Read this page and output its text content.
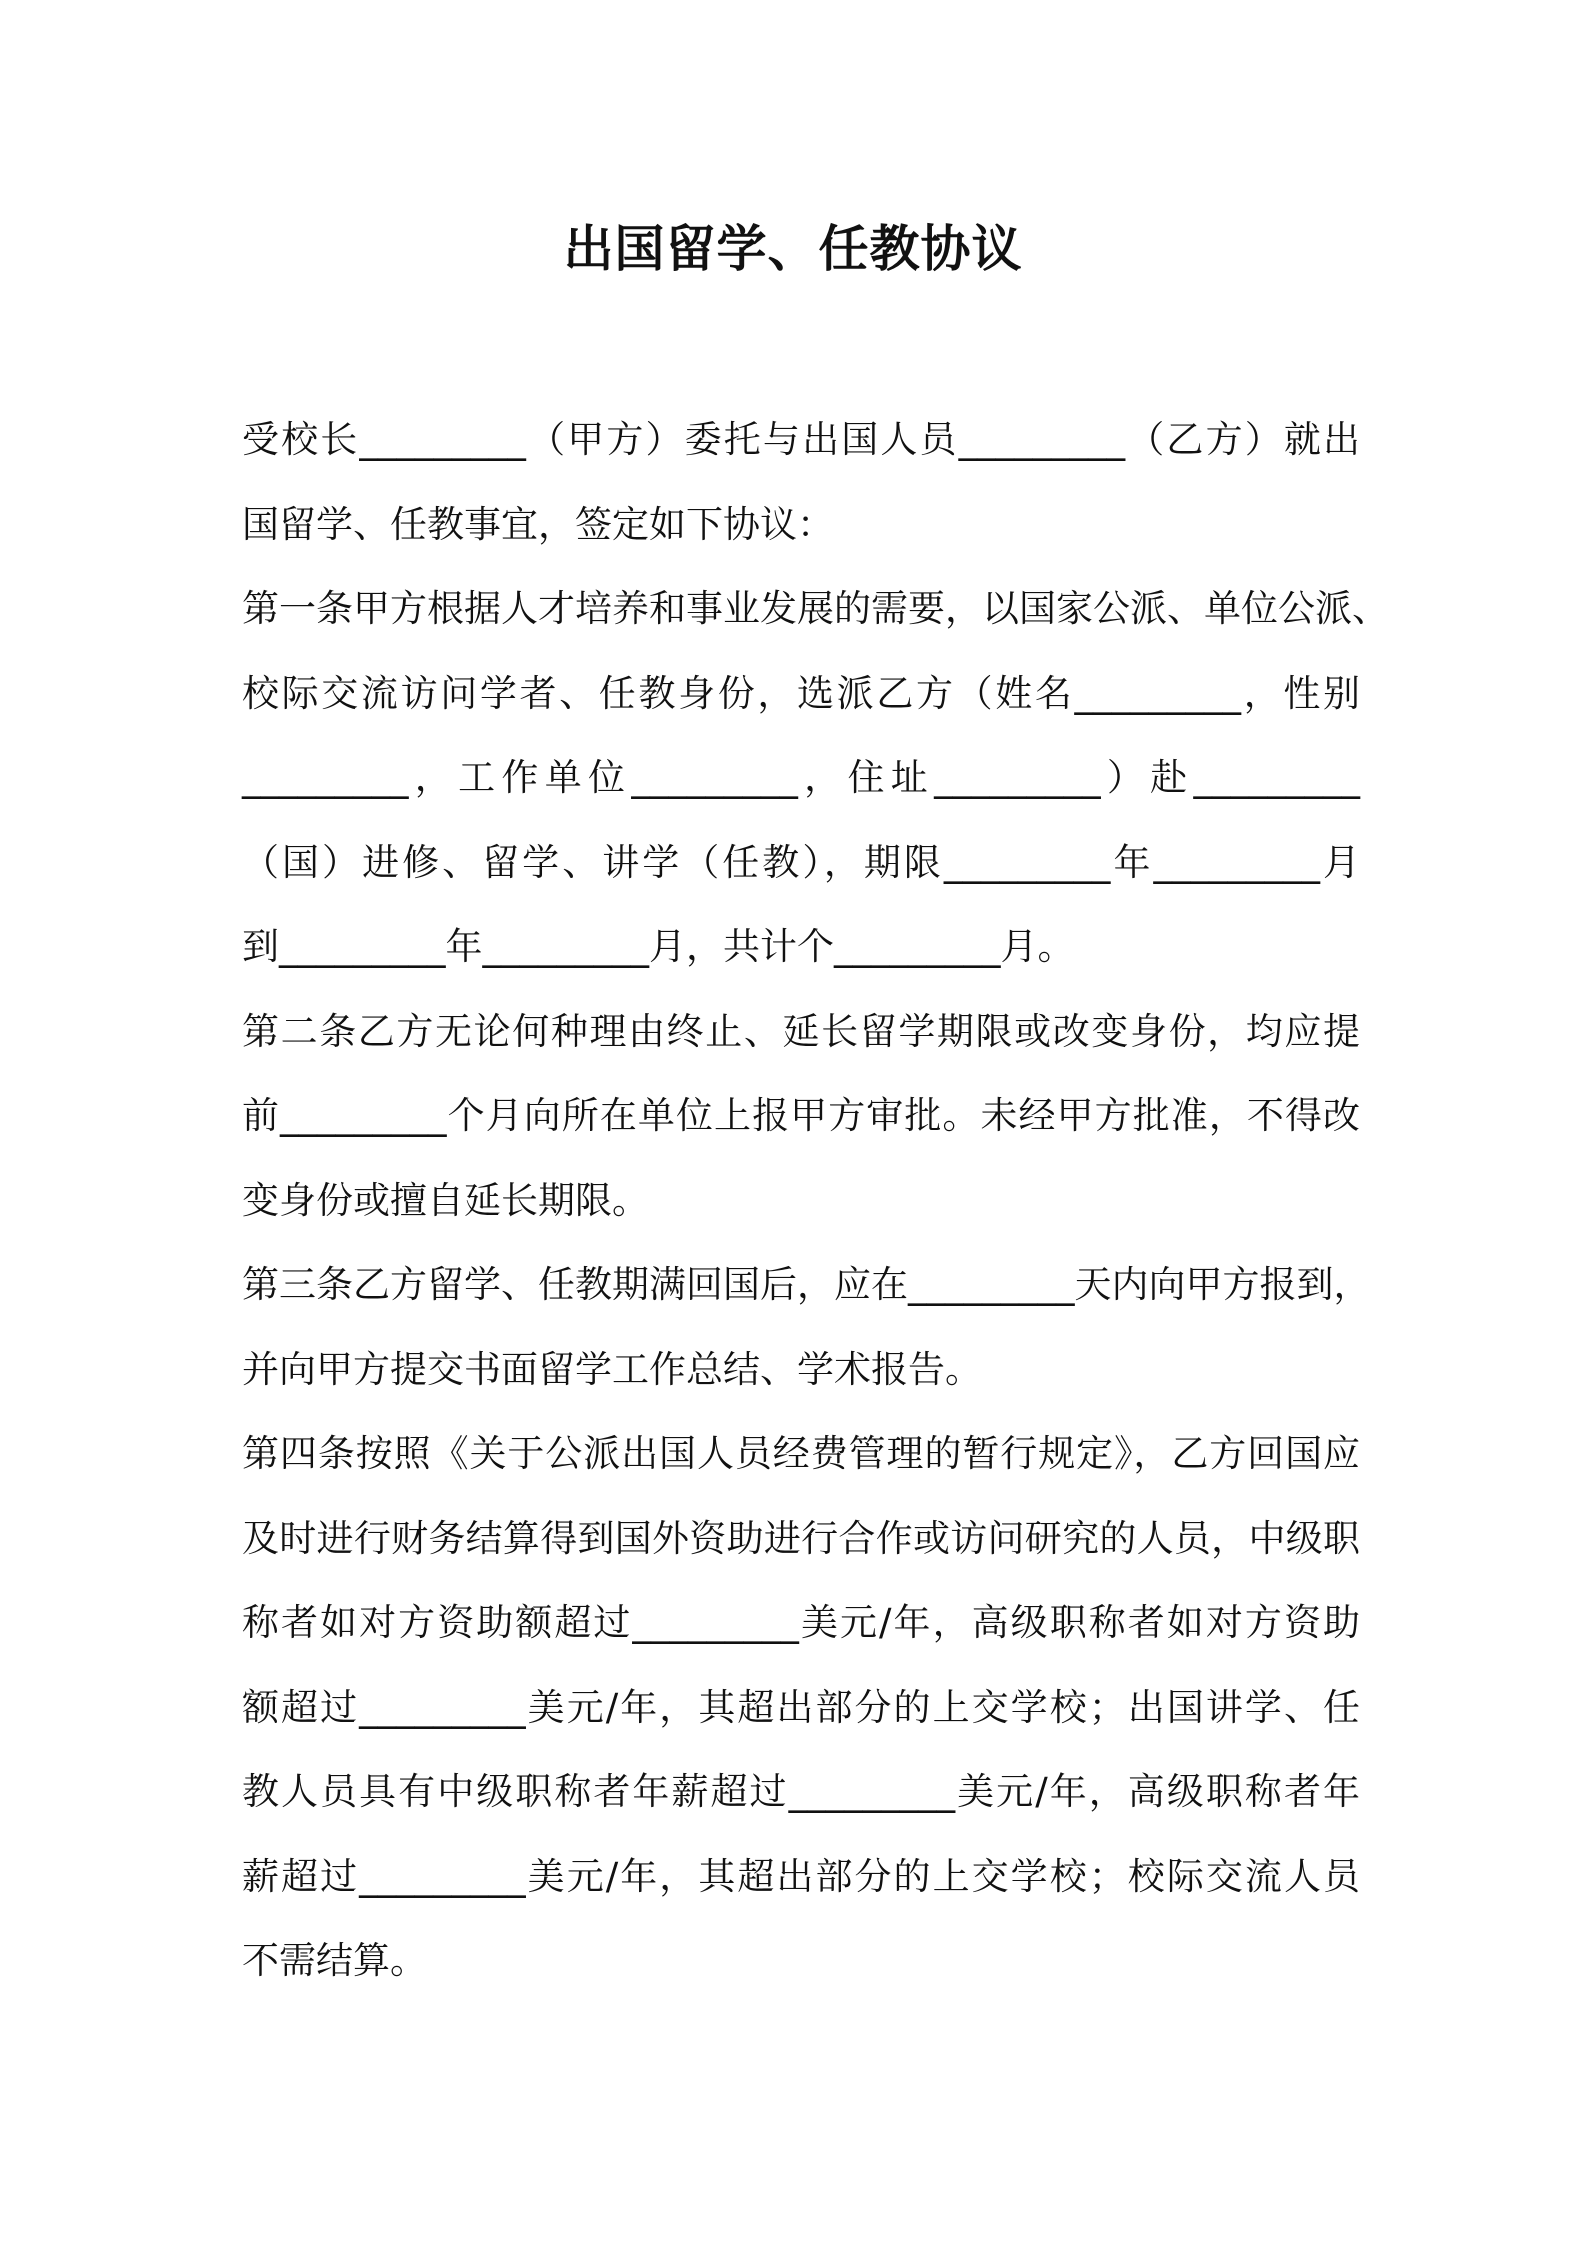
出国留学、任教协议
受校长_________（甲方）委托与出国人员_________（乙方）就出
国留学、任教事宜，签定如下协议：
第一条甲方根据人才培养和事业发展的需要，以国家公派、单位公派、
校际交流访问学者、任教身份，选派乙方（姓名_________，性别
_________，工作单位_________，住址_________）赴_________
（国）进修、留学、讲学（任教），期限_________年_________月
到_________年_________月，共计个_________月。
第二条乙方无论何种理由终止、延长留学期限或改变身份，均应提
前_________个月向所在单位上报甲方审批。未经甲方批准，不得改
变身份或擅自延长期限。
第三条乙方留学、任教期满回国后，应在_________天内向甲方报到，
并向甲方提交书面留学工作总结、学术报告。
第四条按照《关于公派出国人员经费管理的暂行规定》，乙方回国应
及时进行财务结算得到国外资助进行合作或访问研究的人员，中级职
称者如对方资助额超过_________美元/年，高级职称者如对方资助
额超过_________美元/年，其超出部分的上交学校；出国讲学、任
教人员具有中级职称者年薪超过_________美元/年，高级职称者年
薪超过_________美元/年，其超出部分的上交学校；校际交流人员
不需结算。
